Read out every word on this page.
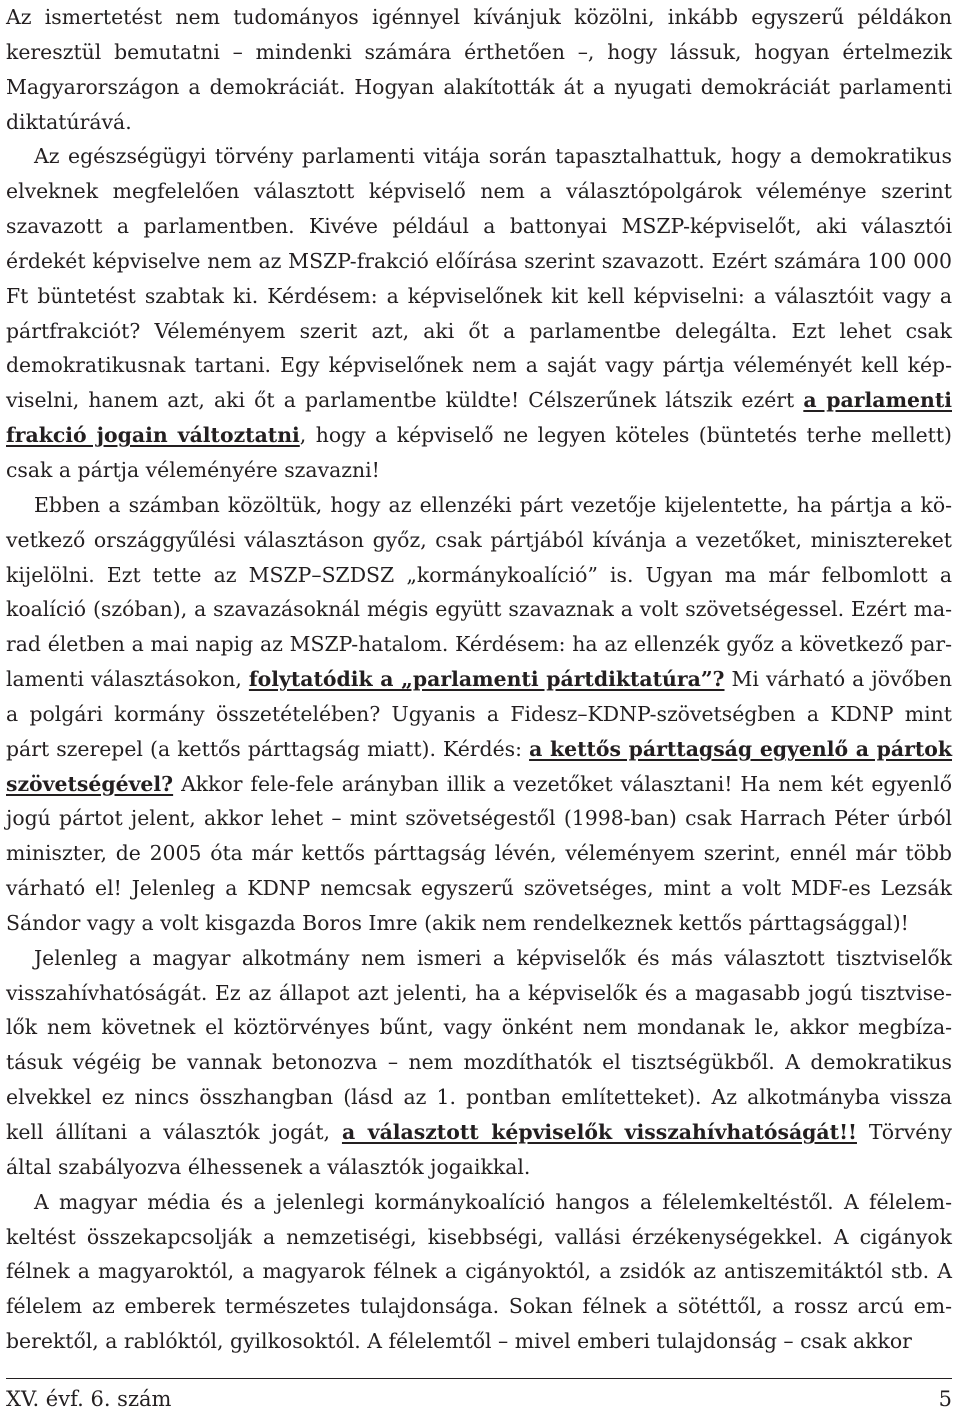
Az ismertetést nem tudományos igénnyel kívánjuk közölni, inkább egyszerű példákon keresztül bemutatni – mindenki számára érthetően –, hogy lássuk, hogyan értelmezik Magyarországon a demokráciát. Hogyan alakították át a nyugati demokráciát parlamenti diktatúrává.

Az egészségügyi törvény parlamenti vitája során tapasztalhattuk, hogy a demokratikus elveknek megfelelően választott képviselő nem a választópolgárok véleménye szerint szavazott a parlamentben. Kivéve például a battonyai MSZP-képviselőt, aki választói érdekét képviselve nem az MSZP-frakció előírása szerint szavazott. Ezért számára 100 000 Ft büntetést szabtak ki. Kérdésem: a képviselőnek kit kell képviselni: a választóit vagy a pártfrakciót? Véleményem szerit azt, aki őt a parlamentbe delegálta. Ezt lehet csak demokratikusnak tartani. Egy képviselőnek nem a saját vagy pártja véleményét kell képviselni, hanem azt, aki őt a parlamentbe küldte! Célszerűnek látszik ezért a parlamenti frakció jogain változtatni, hogy a képviselő ne legyen köteles (büntetés terhe mellett) csak a pártja véleményére szavazni!

Ebben a számban közöltük, hogy az ellenzéki párt vezetője kijelentette, ha pártja a következő országgyűlési választáson győz, csak pártjából kívánja a vezetőket, minisztereket kijelölni. Ezt tette az MSZP–SZDSZ „kormánykoalíció” is. Ugyan ma már felbomlott a koalíció (szóban), a szavazásoknál mégis együtt szavaznak a volt szövetségessel. Ezért marad életben a mai napig az MSZP-hatalom. Kérdésem: ha az ellenzék győz a következő parlamenti választásokon, folytatódik a „parlamenti pártdiktatúra”? Mi várható a jövőben a polgári kormány összetételében? Ugyanis a Fidesz–KDNP-szövetségben a KDNP mint párt szerepel (a kettős párttagság miatt). Kérdés: a kettős párttagság egyenlő a pártok szövetségével? Akkor fele-fele arányban illik a vezetőket választani! Ha nem két egyenlő jogú pártot jelent, akkor lehet – mint szövetségestől (1998-ban) csak Harrach Péter úrból miniszter, de 2005 óta már kettős párttagság lévén, véleményem szerint, ennél már több várható el! Jelenleg a KDNP nemcsak egyszerű szövetséges, mint a volt MDF-es Lezsák Sándor vagy a volt kisgazda Boros Imre (akik nem rendelkeznek kettős párttagsággal)!

Jelenleg a magyar alkotmány nem ismeri a képviselők és más választott tisztviselők visszahívhatóságát. Ez az állapot azt jelenti, ha a képviselők és a magasabb jogú tisztviselők nem követnek el köztörvényes bűnt, vagy önként nem mondanak le, akkor megbízatásuk végéig be vannak betonozva – nem mozdíthatók el tisztségükből. A demokratikus elvekkel ez nincs összhangban (lásd az 1. pontban említetteket). Az alkotmányba vissza kell állítani a választók jogát, a választott képviselők visszahívhatóságát!! Törvény által szabályozva élhessenek a választók jogaikkal.

A magyar média és a jelenlegi kormánykoalíció hangos a félelemkeltéstől. A félelemkeltést összekapcsolják a nemzetiségi, kisebbségi, vallási érzékenységekkel. A cigányok félnek a magyaroktól, a magyarok félnek a cigányoktól, a zsidók az antiszemitáktól stb. A félelem az emberek természetes tulajdonsága. Sokan félnek a sötéttől, a rossz arcú emberektől, a rablóktól, gyilkosoktól. A félelemtől – mivel emberi tulajdonság – csak akkor

XV. évf. 6. szám	5
